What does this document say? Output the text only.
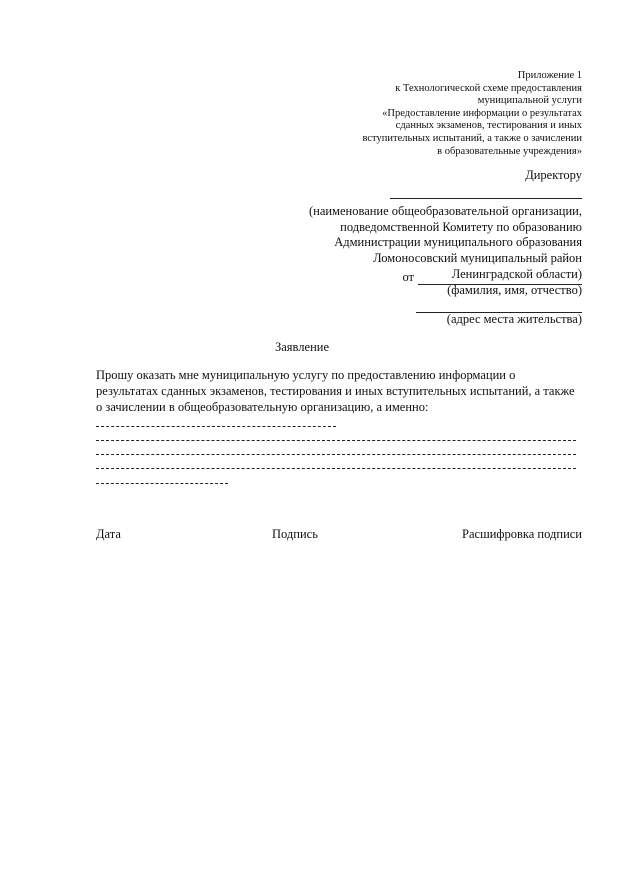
Приложение 1
к Технологической схеме предоставления
муниципальной услуги
«Предоставление информации о результатах
сданных экзаменов, тестирования и иных
вступительных испытаний, а также о зачислении
в образовательные учреждения»
Директору
(наименование общеобразовательной организации,
подведомственной Комитету по образованию
Администрации муниципального образования
Ломоносовский муниципальный район
Ленинградской области)
от
(фамилия, имя, отчество)
(адрес места жительства)
Заявление
Прошу оказать мне муниципальную услугу по предоставлению информации о
результатах сданных экзаменов, тестирования и иных вступительных испытаний, а также
о зачислении в общеобразовательную организацию, а именно:
Дата	Подпись	Расшифровка подписи
